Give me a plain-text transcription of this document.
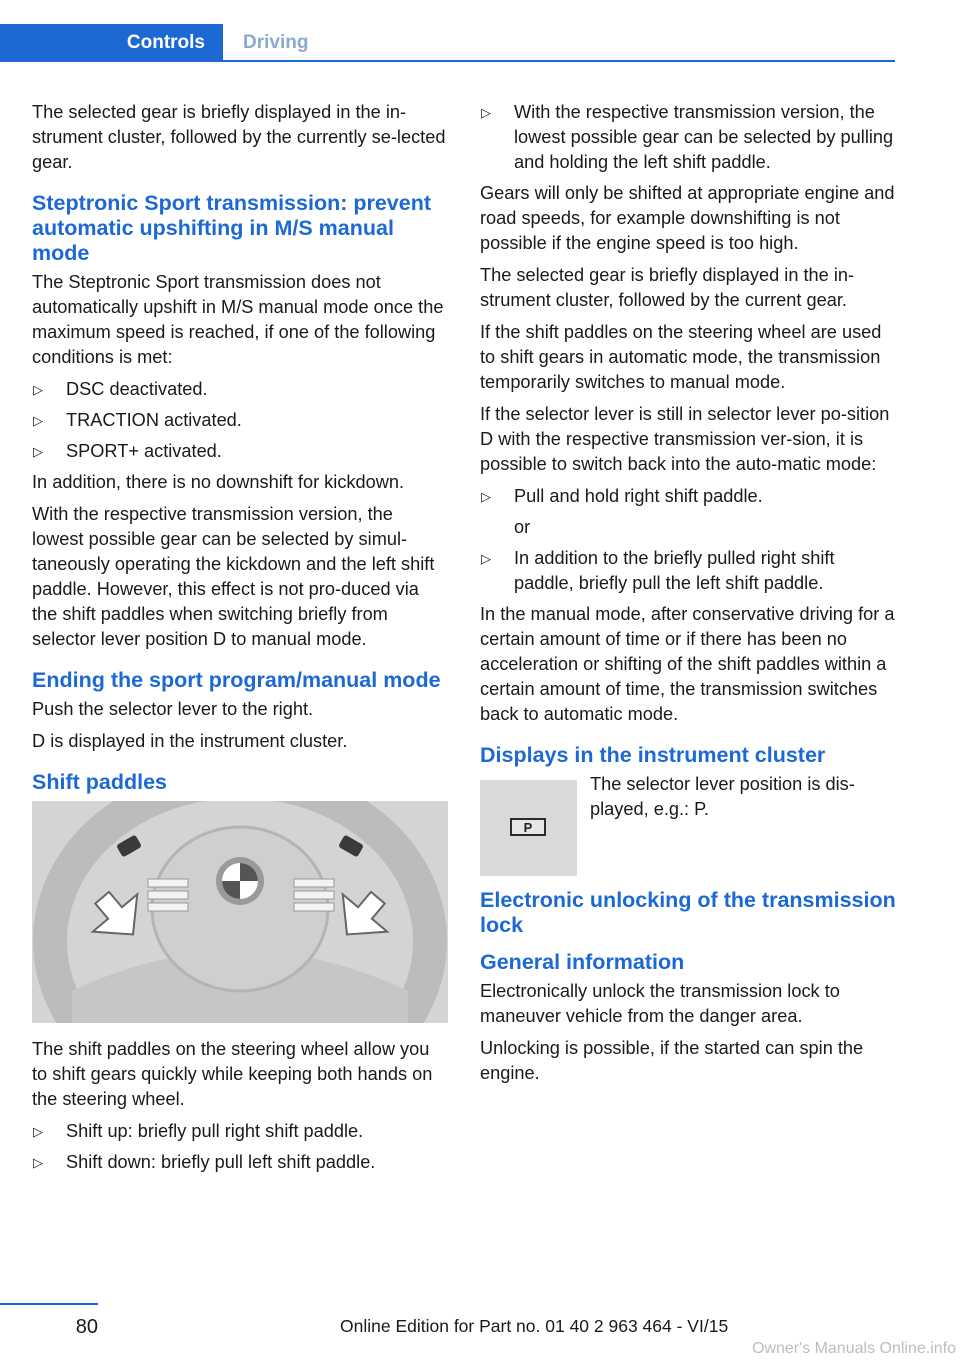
Controls	Driving

The selected gear is briefly displayed in the in‐strument cluster, followed by the currently se‐lected gear.

Steptronic Sport transmission: prevent automatic upshifting in M/S manual mode

The Steptronic Sport transmission does not automatically upshift in M/S manual mode once the maximum speed is reached, if one of the following conditions is met:

▷ DSC deactivated.
▷ TRACTION activated.
▷ SPORT+ activated.

In addition, there is no downshift for kickdown.

With the respective transmission version, the lowest possible gear can be selected by simul‐taneously operating the kickdown and the left shift paddle. However, this effect is not pro‐duced via the shift paddles when switching briefly from selector lever position D to manual mode.

Ending the sport program/manual mode

Push the selector lever to the right.

D is displayed in the instrument cluster.

Shift paddles

The shift paddles on the steering wheel allow you to shift gears quickly while keeping both hands on the steering wheel.

▷ Shift up: briefly pull right shift paddle.
▷ Shift down: briefly pull left shift paddle.
▷ With the respective transmission version, the lowest possible gear can be selected by pulling and holding the left shift paddle.

Gears will only be shifted at appropriate engine and road speeds, for example downshifting is not possible if the engine speed is too high.

The selected gear is briefly displayed in the in‐strument cluster, followed by the current gear.

If the shift paddles on the steering wheel are used to shift gears in automatic mode, the transmission temporarily switches to manual mode.

If the selector lever is still in selector lever po‐sition D with the respective transmission ver‐sion, it is possible to switch back into the auto‐matic mode:

▷ Pull and hold right shift paddle.
or
▷ In addition to the briefly pulled right shift paddle, briefly pull the left shift paddle.

In the manual mode, after conservative driving for a certain amount of time or if there has been no acceleration or shifting of the shift paddles within a certain amount of time, the transmission switches back to automatic mode.

Displays in the instrument cluster
P
The selector lever position is dis‐played, e.g.: P.
Electronic unlocking of the transmission lock
General information

Electronically unlock the transmission lock to maneuver vehicle from the danger area.

Unlocking is possible, if the started can spin the engine.

80	Online Edition for Part no. 01 40 2 963 464 - VI/15
Owner's Manuals Online.info
